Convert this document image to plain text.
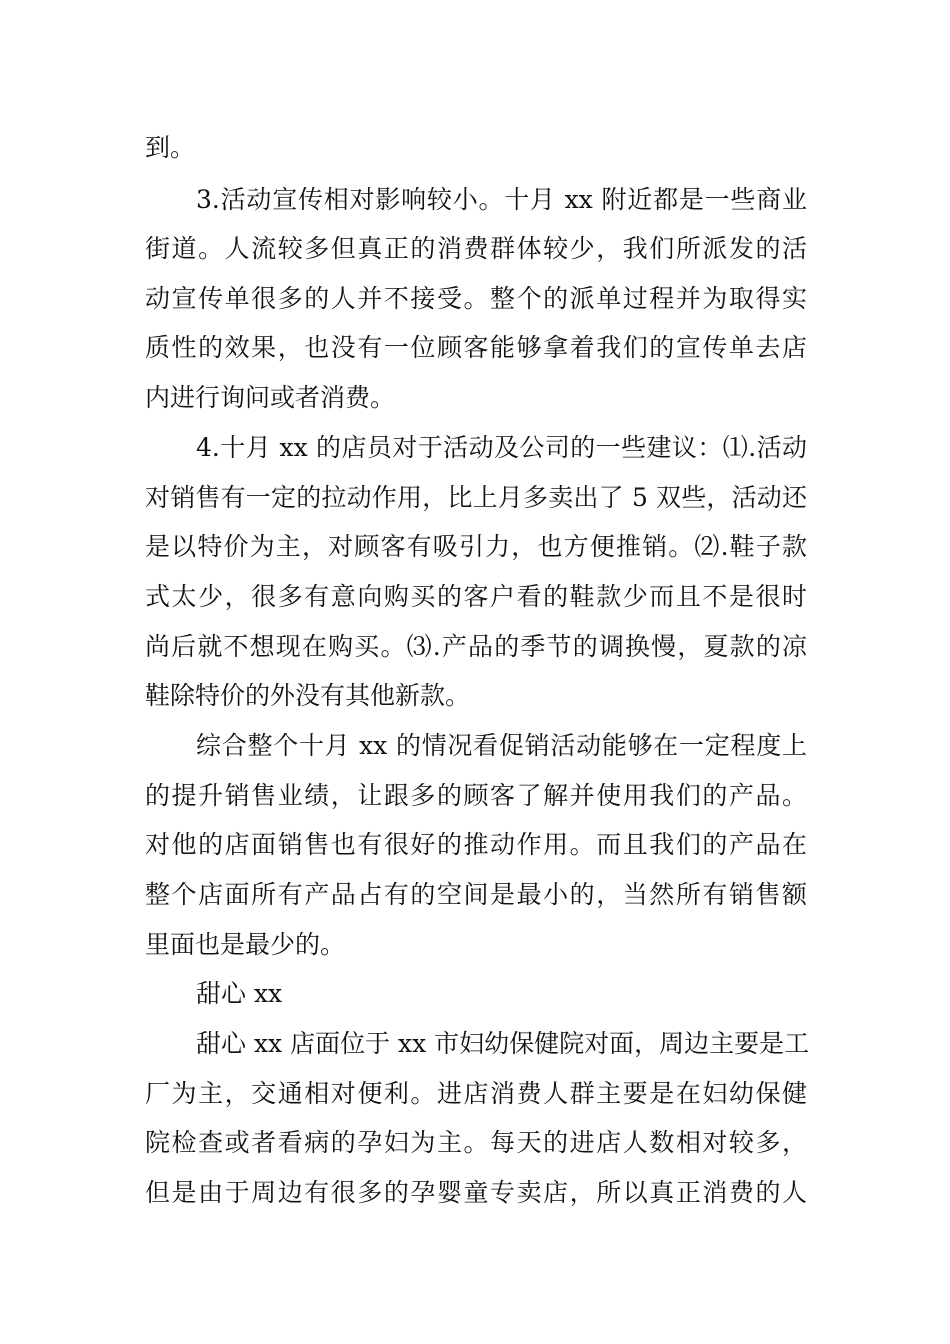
到。
3.活动宣传相对影响较小。十月 xx 附近都是一些商业
街道。人流较多但真正的消费群体较少，我们所派发的活
动宣传单很多的人并不接受。整个的派单过程并为取得实
质性的效果，也没有一位顾客能够拿着我们的宣传单去店
内进行询问或者消费。
4.十月 xx 的店员对于活动及公司的一些建议：⑴.活动
对销售有一定的拉动作用，比上月多卖出了 5 双些，活动还
是以特价为主，对顾客有吸引力，也方便推销。⑵.鞋子款
式太少，很多有意向购买的客户看的鞋款少而且不是很时
尚后就不想现在购买。⑶.产品的季节的调换慢，夏款的凉
鞋除特价的外没有其他新款。
综合整个十月 xx 的情况看促销活动能够在一定程度上
的提升销售业绩，让跟多的顾客了解并使用我们的产品。
对他的店面销售也有很好的推动作用。而且我们的产品在
整个店面所有产品占有的空间是最小的，当然所有销售额
里面也是最少的。
甜心 xx
甜心 xx 店面位于 xx 市妇幼保健院对面，周边主要是工
厂为主，交通相对便利。进店消费人群主要是在妇幼保健
院检查或者看病的孕妇为主。每天的进店人数相对较多，
但是由于周边有很多的孕婴童专卖店，所以真正消费的人
